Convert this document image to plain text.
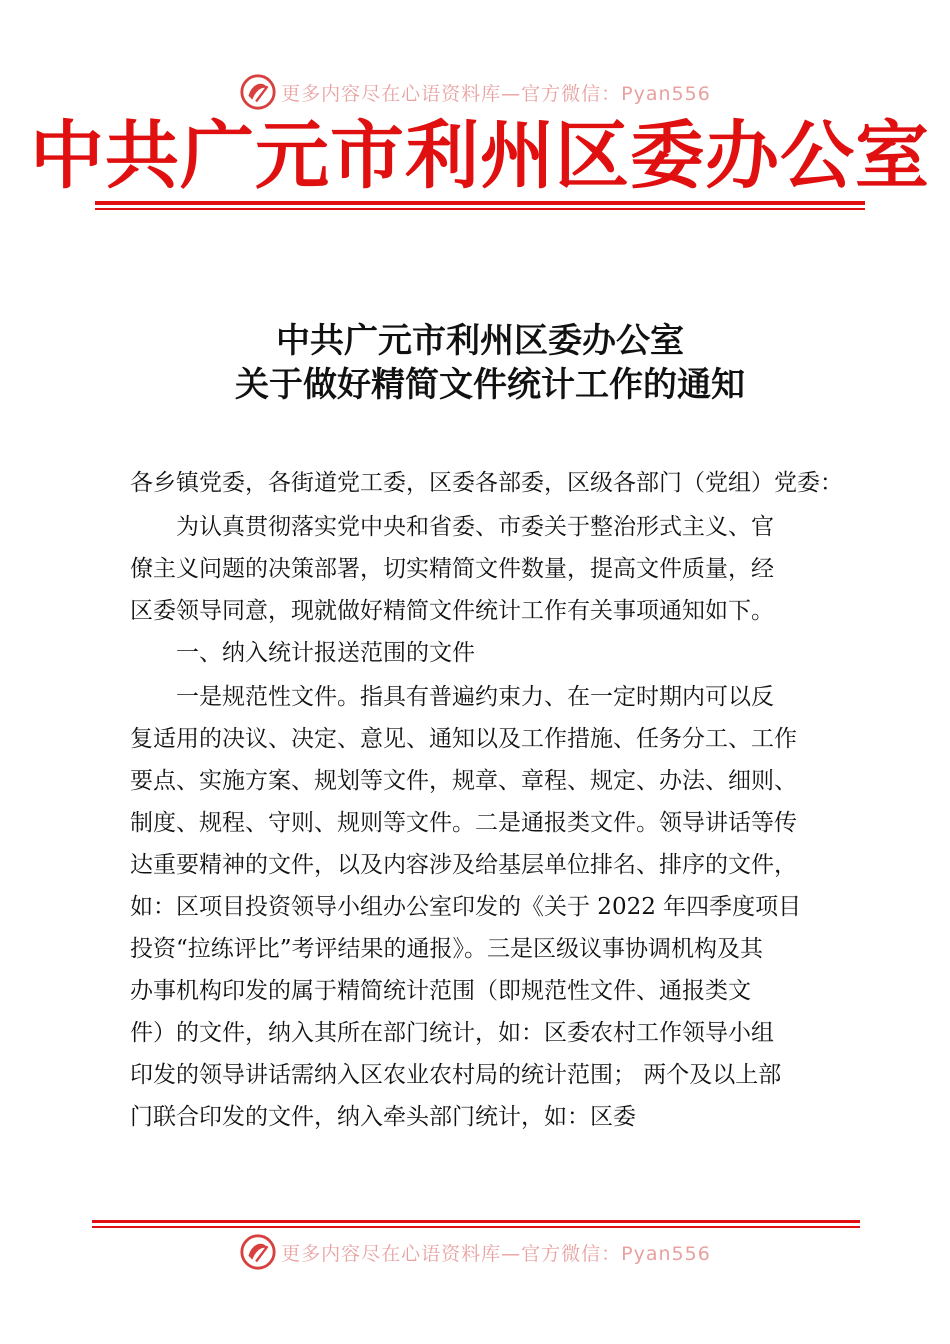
更多内容尽在心语资料库—官方微信：Pyan556
中共广元市利州区委办公室
中共广元市利州区委办公室
关于做好精简文件统计工作的通知
各乡镇党委，各街道党工委，区委各部委，区级各部门（党组）党委：
为认真贯彻落实党中央和省委、市委关于整治形式主义、官
僚主义问题的决策部署，切实精简文件数量，提高文件质量，经
区委领导同意，现就做好精简文件统计工作有关事项通知如下。
一、纳入统计报送范围的文件
一是规范性文件。指具有普遍约束力、在一定时期内可以反
复适用的决议、决定、意见、通知以及工作措施、任务分工、工作
要点、实施方案、规划等文件，规章、章程、规定、办法、细则、
制度、规程、守则、规则等文件。二是通报类文件。领导讲话等传
达重要精神的文件，以及内容涉及给基层单位排名、排序的文件，
如：区项目投资领导小组办公室印发的《关于 2022 年四季度项目
投资“拉练评比”考评结果的通报》。三是区级议事协调机构及其
办事机构印发的属于精简统计范围（即规范性文件、通报类文
件）的文件，纳入其所在部门统计，如：区委农村工作领导小组
印发的领导讲话需纳入区农业农村局的统计范围； 两个及以上部
门联合印发的文件，纳入牵头部门统计，如：区委
更多内容尽在心语资料库—官方微信：Pyan556
